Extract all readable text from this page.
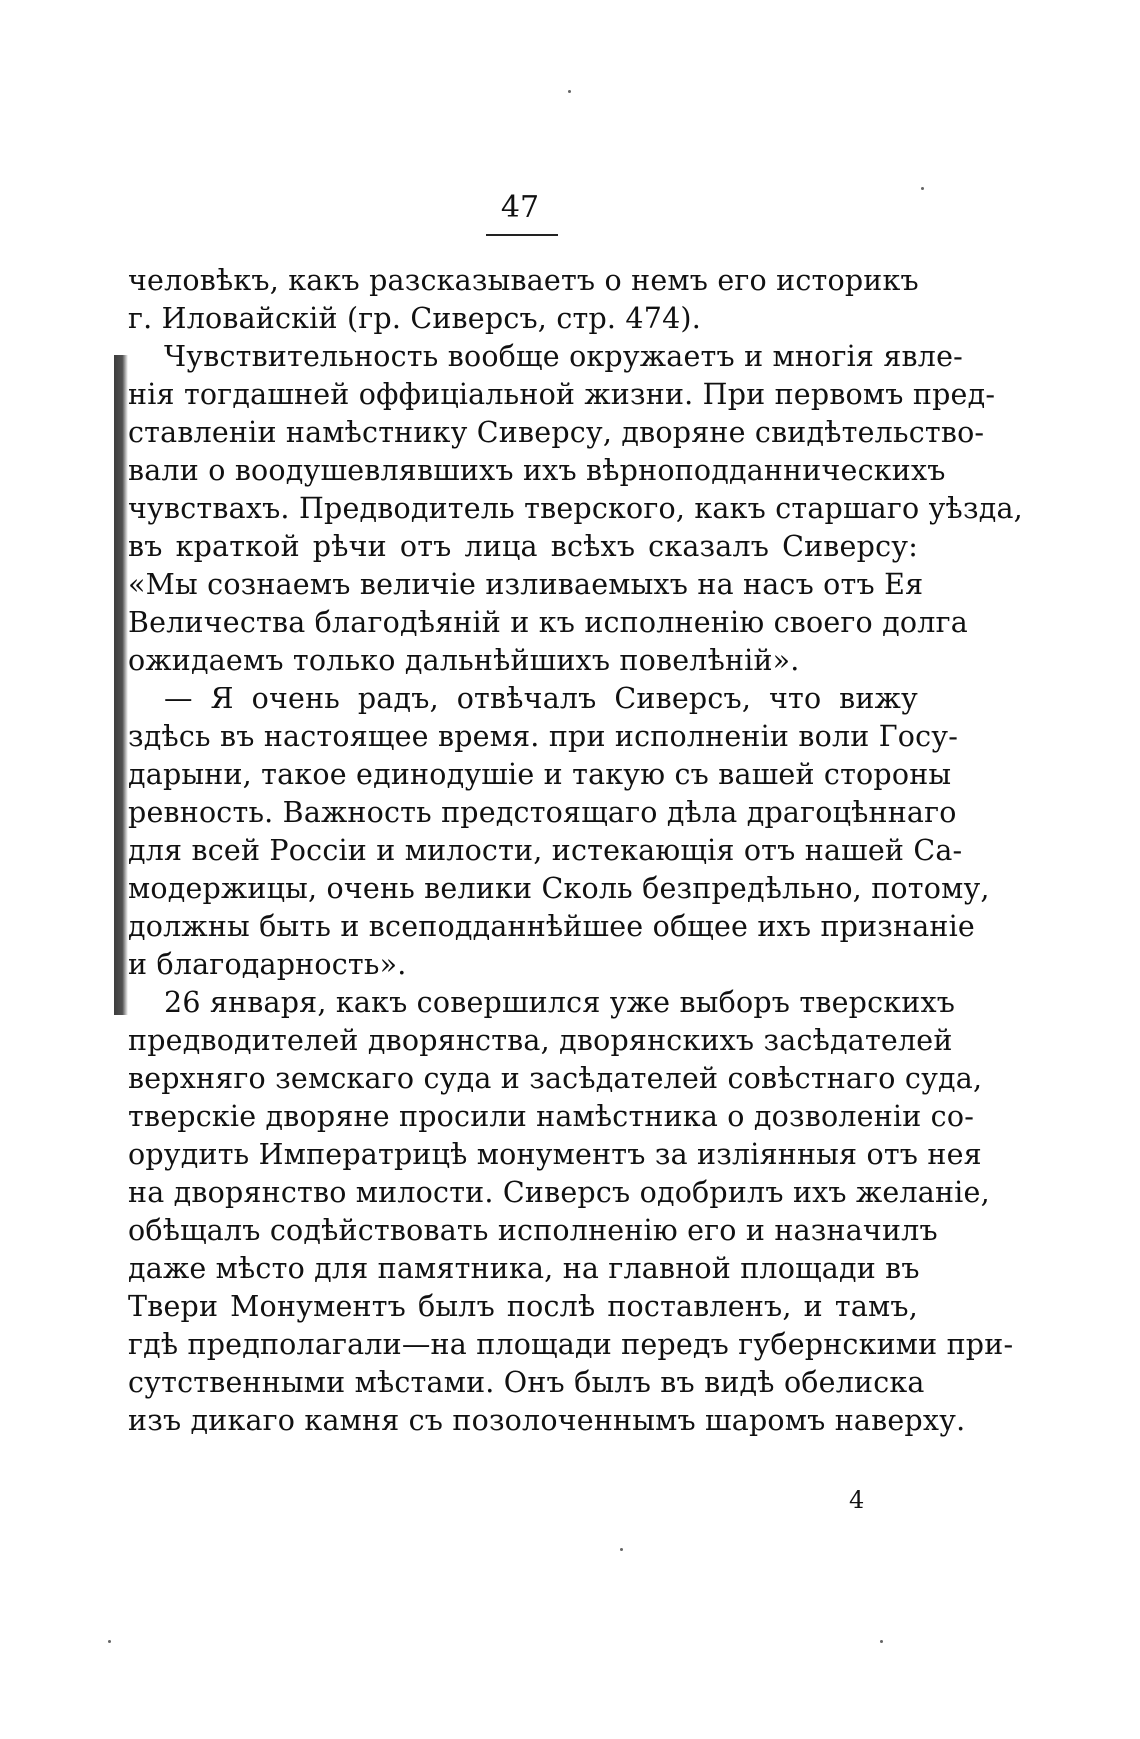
47
человѣкъ, какъ разсказываетъ о немъ его историкъ
г. Иловайскій (гр. Сиверсъ, стр. 474).
Чувствительность вообще окружаетъ и многія явле-
нія тогдашней оффиціальной жизни. При первомъ пред-
ставленіи намѣстнику Сиверсу, дворяне свидѣтельство-
вали о воодушевлявшихъ ихъ вѣрноподданническихъ
чувствахъ. Предводитель тверского, какъ старшаго уѣзда,
въ краткой рѣчи отъ лица всѣхъ сказалъ Сиверсу:
«Мы сознаемъ величіе изливаемыхъ на насъ отъ Ея
Величества благодѣяній и къ исполненію своего долга
ожидаемъ только дальнѣйшихъ повелѣній».
— Я очень радъ, отвѣчалъ Сиверсъ, что вижу
здѣсь въ настоящее время. при исполненіи воли Госу-
дарыни, такое единодушіе и такую съ вашей стороны
ревность. Важность предстоящаго дѣла драгоцѣннаго
для всей Россіи и милости, истекающія отъ нашей Са-
модержицы, очень велики Сколь безпредѣльно, потому,
должны быть и всеподданнѣйшее общее ихъ признаніе
и благодарность».
26 января, какъ совершился уже выборъ тверскихъ
предводителей дворянства, дворянскихъ засѣдателей
верхняго земскаго суда и засѣдателей совѣстнаго суда,
тверскіе дворяне просили намѣстника о дозволеніи со-
орудить Императрицѣ монументъ за изліянныя отъ нея
на дворянство милости. Сиверсъ одобрилъ ихъ желаніе,
обѣщалъ содѣйствовать исполненію его и назначилъ
даже мѣсто для памятника, на главной площади въ
Твери Монументъ былъ послѣ поставленъ, и тамъ,
гдѣ предполагали—на площади передъ губернскими при-
сутственными мѣстами. Онъ былъ въ видѣ обелиска
изъ дикаго камня съ позолоченнымъ шаромъ наверху.
4
